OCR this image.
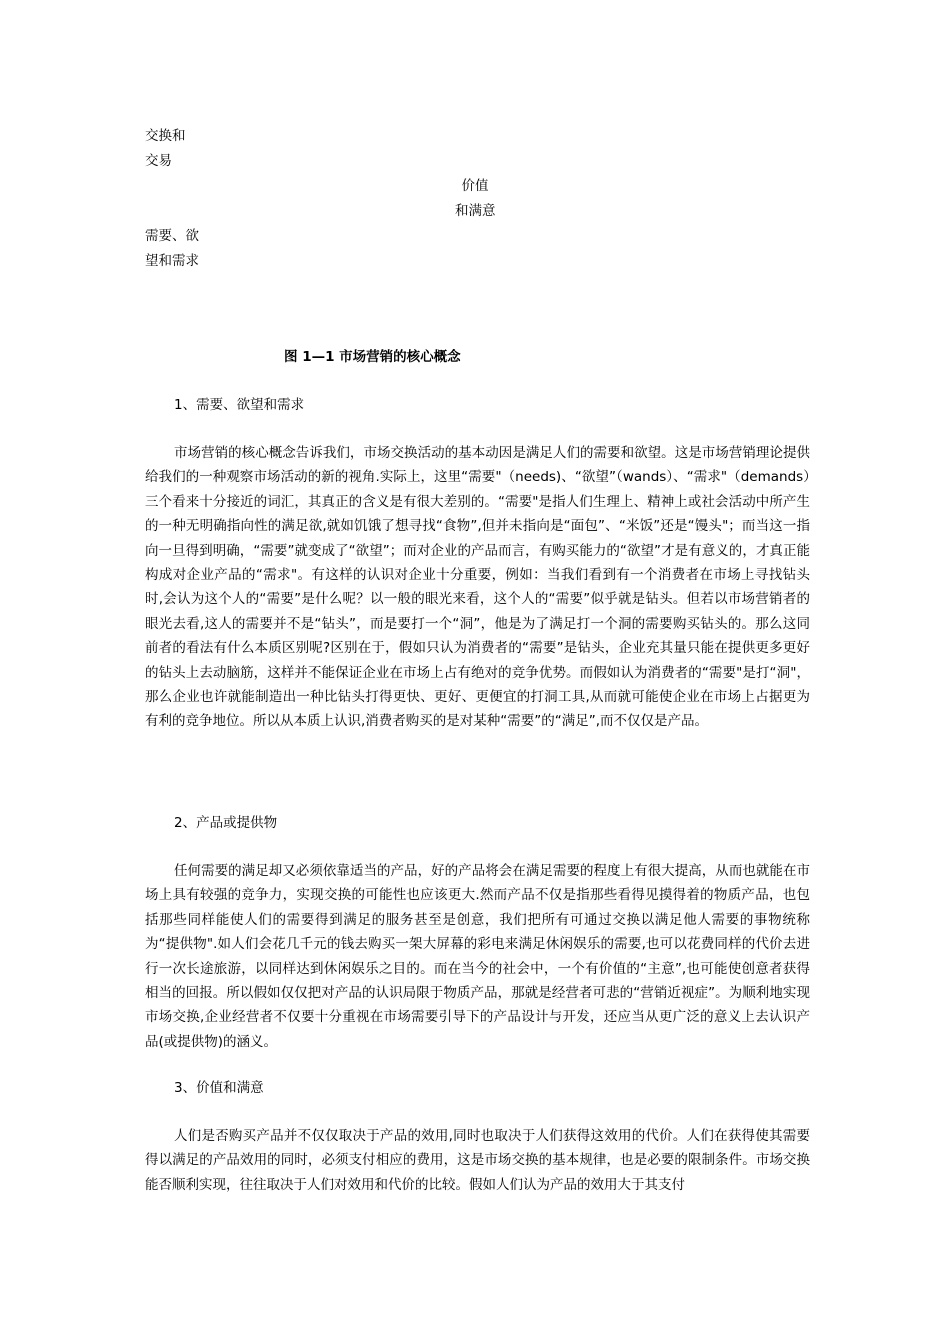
交换和
交易
价值
和满意
需要、欲
望和需求
图 1—1 市场营销的核心概念
1、需要、欲望和需求

市场营销的核心概念告诉我们，市场交换活动的基本动因是满足人们的需要和欲望。这是市场营销理论提供给我们的一种观察市场活动的新的视角.实际上，这里“需要"（needs)、“欲望”（wands）、“需求"（demands）三个看来十分接近的词汇，其真正的含义是有很大差别的。“需要"是指人们生理上、精神上或社会活动中所产生的一种无明确指向性的满足欲,就如饥饿了想寻找“食物”,但并未指向是“面包”、“米饭”还是“馒头"；而当这一指向一旦得到明确，“需要”就变成了“欲望”；而对企业的产品而言，有购买能力的“欲望”才是有意义的，才真正能构成对企业产品的“需求"。有这样的认识对企业十分重要，例如：当我们看到有一个消费者在市场上寻找钻头时,会认为这个人的“需要”是什么呢？以一般的眼光来看，这个人的“需要”似乎就是钻头。但若以市场营销者的眼光去看,这人的需要并不是“钻头”，而是要打一个“洞”，他是为了满足打一个洞的需要购买钻头的。那么这同前者的看法有什么本质区别呢?区别在于，假如只认为消费者的“需要”是钻头，企业充其量只能在提供更多更好的钻头上去动脑筋，这样并不能保证企业在市场上占有绝对的竞争优势。而假如认为消费者的“需要"是打“洞"，那么企业也许就能制造出一种比钻头打得更快、更好、更便宜的打洞工具,从而就可能使企业在市场上占据更为有利的竞争地位。所以从本质上认识,消费者购买的是对某种“需要”的“满足”,而不仅仅是产品。

2、产品或提供物

任何需要的满足却又必须依靠适当的产品，好的产品将会在满足需要的程度上有很大提高，从而也就能在市场上具有较强的竞争力，实现交换的可能性也应该更大.然而产品不仅是指那些看得见摸得着的物质产品，也包括那些同样能使人们的需要得到满足的服务甚至是创意，我们把所有可通过交换以满足他人需要的事物统称为“提供物".如人们会花几千元的钱去购买一架大屏幕的彩电来满足休闲娱乐的需要,也可以花费同样的代价去进行一次长途旅游，以同样达到休闲娱乐之目的。而在当今的社会中，一个有价值的“主意”,也可能使创意者获得相当的回报。所以假如仅仅把对产品的认识局限于物质产品，那就是经营者可悲的“营销近视症”。为顺利地实现市场交换,企业经营者不仅要十分重视在市场需要引导下的产品设计与开发，还应当从更广泛的意义上去认识产品(或提供物)的涵义。

3、价值和满意

人们是否购买产品并不仅仅取决于产品的效用,同时也取决于人们获得这效用的代价。人们在获得使其需要得以满足的产品效用的同时，必须支付相应的费用，这是市场交换的基本规律，也是必要的限制条件。市场交换能否顺利实现，往往取决于人们对效用和代价的比较。假如人们认为产品的效用大于其支付
